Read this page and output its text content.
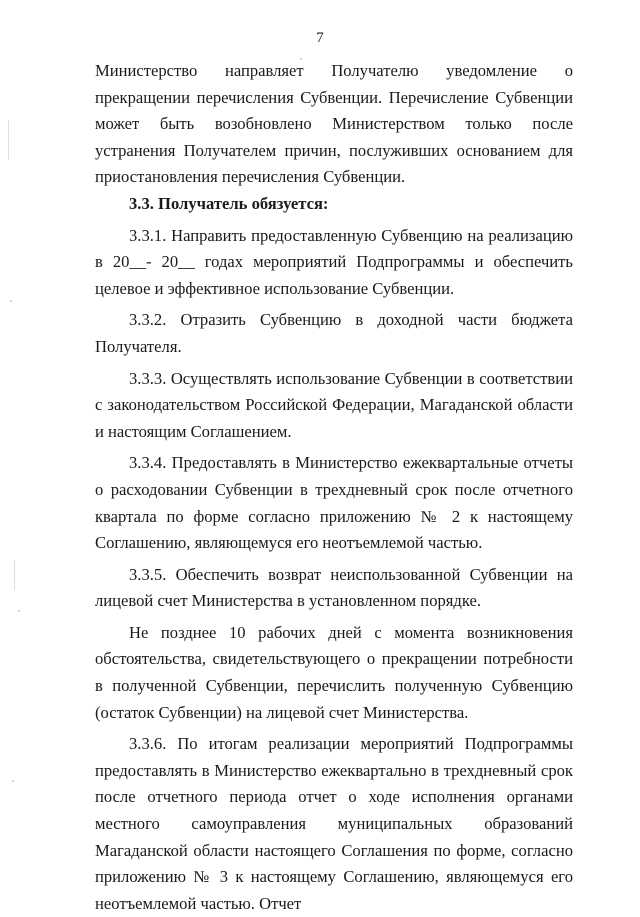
7

Министерство направляет Получателю уведомление о прекращении перечисления Субвенции. Перечисление Субвенции может быть возобновлено Министерством только после устранения Получателем причин, послуживших основанием для приостановления перечисления Субвенции.

3.3. Получатель обязуется:

3.3.1. Направить предоставленную Субвенцию на реализацию в 20__- 20__ годах мероприятий Подпрограммы и обеспечить целевое и эффективное использование Субвенции.

3.3.2. Отразить Субвенцию в доходной части бюджета Получателя.

3.3.3. Осуществлять использование Субвенции в соответствии с законодательством Российской Федерации, Магаданской области и настоящим Соглашением.

3.3.4. Предоставлять в Министерство ежеквартальные отчеты о расходовании Субвенции в трехдневный срок после отчетного квартала по форме согласно приложению № 2 к настоящему Соглашению, являющемуся его неотъемлемой частью.

3.3.5. Обеспечить возврат неиспользованной Субвенции на лицевой счет Министерства в установленном порядке.

Не позднее 10 рабочих дней с момента возникновения обстоятельства, свидетельствующего о прекращении потребности в полученной Субвенции, перечислить полученную Субвенцию (остаток Субвенции) на лицевой счет Министерства.

3.3.6. По итогам реализации мероприятий Подпрограммы предоставлять в Министерство ежеквартально в трехдневный срок после отчетного периода отчет о ходе исполнения органами местного самоуправления муниципальных образований Магаданской области настоящего Соглашения по форме, согласно приложению № 3 к настоящему Соглашению, являющемуся его неотъемлемой частью. Отчет
